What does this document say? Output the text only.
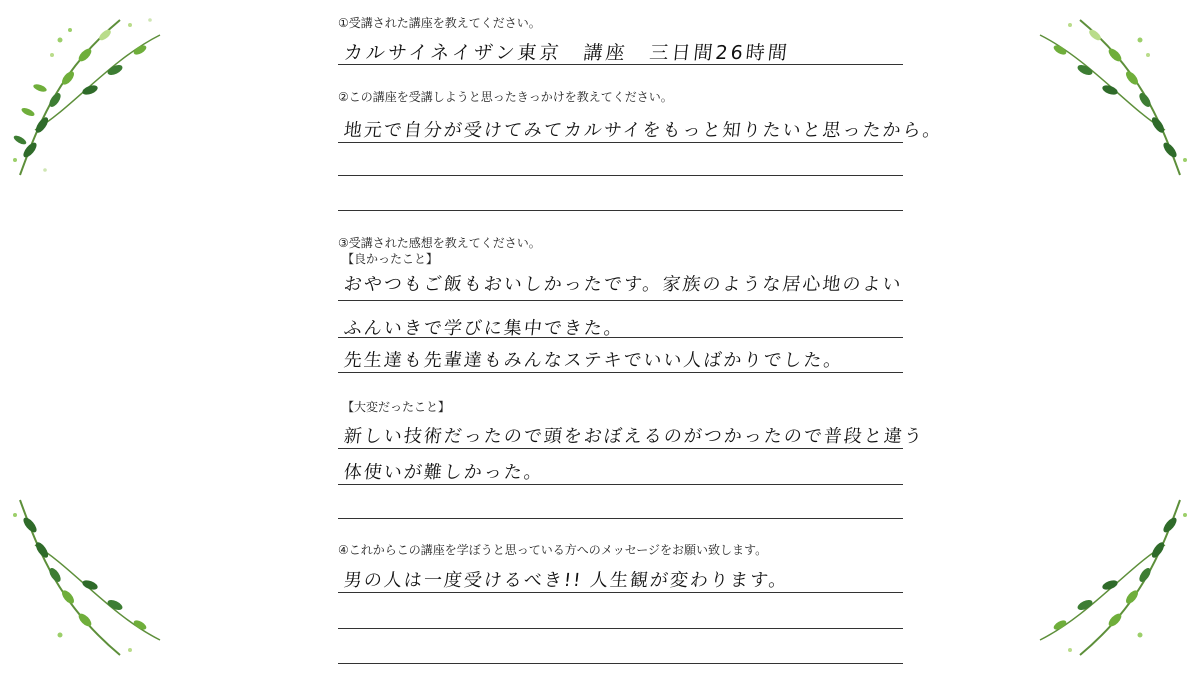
①受講された講座を教えてください。
カルサイネイザン東京　講座　三日間26時間
②この講座を受講しようと思ったきっかけを教えてください。
地元で自分が受けてみてカルサイをもっと知りたいと思ったから。
③受講された感想を教えてください。
【良かったこと】
おやつもご飯もおいしかったです。家族のような居心地のよい
ふんいきで学びに集中できた。
先生達も先輩達もみんなステキでいい人ばかりでした。
【大変だったこと】
新しい技術だったので頭をおぼえるのがつかったので普段と違う
体使いが難しかった。
④これからこの講座を学ぼうと思っている方へのメッセージをお願い致します。
男の人は一度受けるべき!! 人生観が変わります。
